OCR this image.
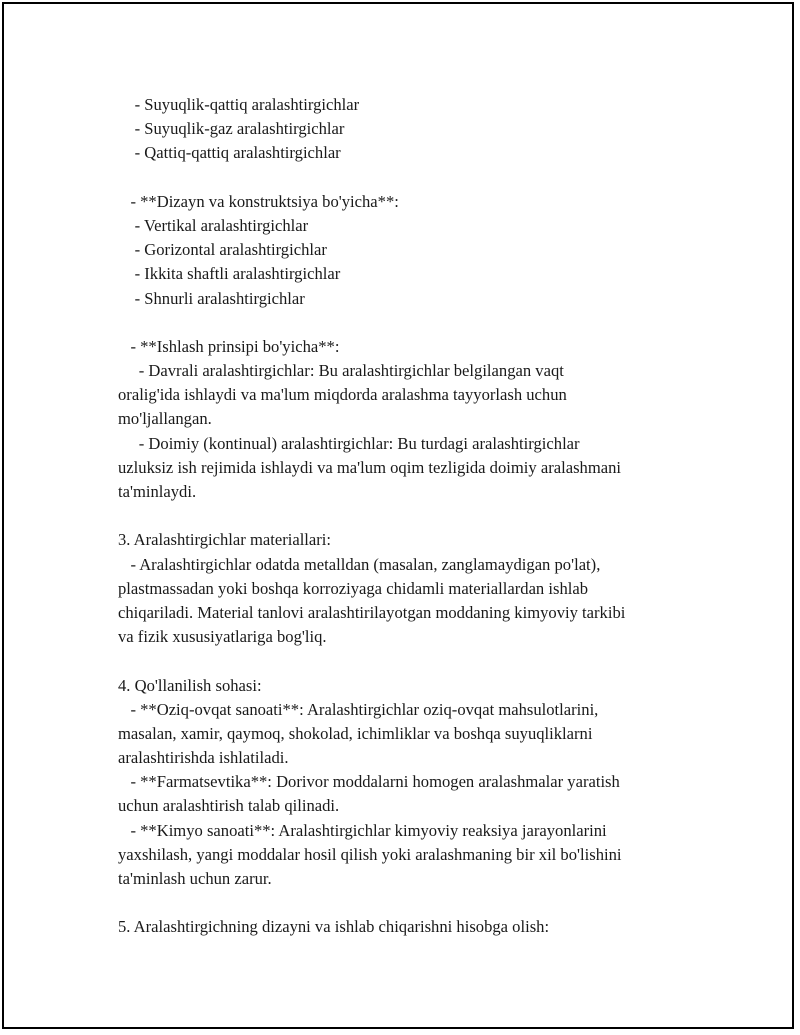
- Suyuqlik-qattiq aralashtirgichlar
- Suyuqlik-gaz aralashtirgichlar
- Qattiq-qattiq aralashtirgichlar
- **Dizayn va konstruktsiya bo'yicha**:
- Vertikal aralashtirgichlar
- Gorizontal aralashtirgichlar
- Ikkita shaftli aralashtirgichlar
- Shnurli aralashtirgichlar
- **Ishlash prinsipi bo'yicha**:
- Davrali aralashtirgichlar: Bu aralashtirgichlar belgilangan vaqt
oralig'ida ishlaydi va ma'lum miqdorda aralashma tayyorlash uchun
mo'ljallangan.
- Doimiy (kontinual) aralashtirgichlar: Bu turdagi aralashtirgichlar
uzluksiz ish rejimida ishlaydi va ma'lum oqim tezligida doimiy aralashmani
ta'minlaydi.
3. Aralashtirgichlar materiallari:
- Aralashtirgichlar odatda metalldan (masalan, zanglamaydigan po'lat),
plastmassadan yoki boshqa korroziyaga chidamli materiallardan ishlab
chiqariladi. Material tanlovi aralashtirilayotgan moddaning kimyoviy tarkibi
va fizik xususiyatlariga bog'liq.
4. Qo'llanilish sohasi:
- **Oziq-ovqat sanoati**: Aralashtirgichlar oziq-ovqat mahsulotlarini,
masalan, xamir, qaymoq, shokolad, ichimliklar va boshqa suyuqliklarni
aralashtirishda ishlatiladi.
- **Farmatsevtika**: Dorivor moddalarni homogen aralashmalar yaratish
uchun aralashtirish talab qilinadi.
- **Kimyo sanoati**: Aralashtirgichlar kimyoviy reaksiya jarayonlarini
yaxshilash, yangi moddalar hosil qilish yoki aralashmaning bir xil bo'lishini
ta'minlash uchun zarur.
5. Aralashtirgichning dizayni va ishlab chiqarishni hisobga olish:
